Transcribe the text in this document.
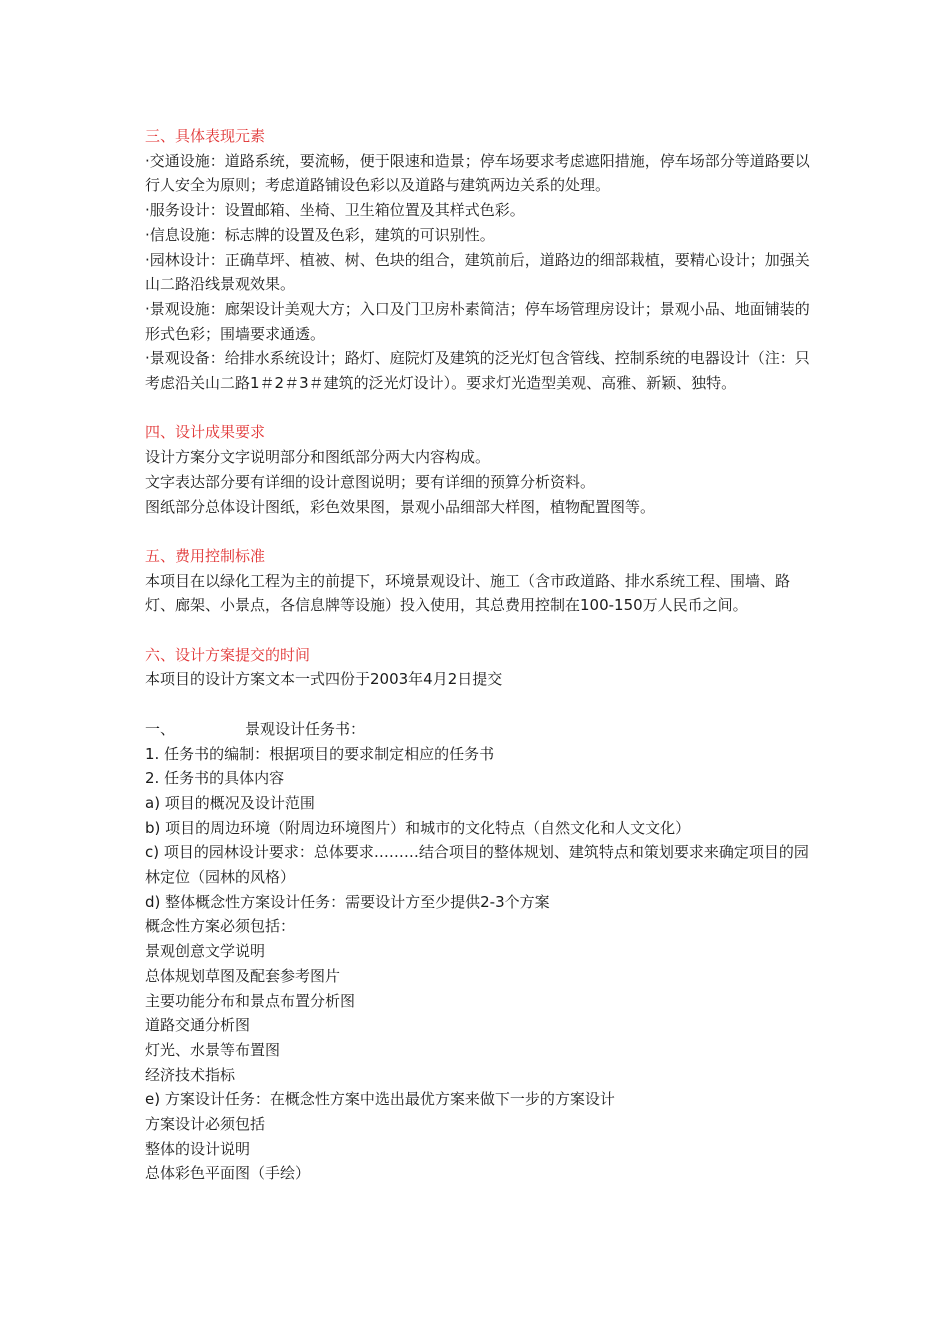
三、具体表现元素

·交通设施：道路系统，要流畅，便于限速和造景；停车场要求考虑遮阳措施，停车场部分等道路要以行人安全为原则；考虑道路铺设色彩以及道路与建筑两边关系的处理。

·服务设计：设置邮箱、坐椅、卫生箱位置及其样式色彩。

·信息设施：标志牌的设置及色彩，建筑的可识别性。

·园林设计：正确草坪、植被、树、色块的组合，建筑前后，道路边的细部栽植，要精心设计；加强关山二路沿线景观效果。

·景观设施：廊架设计美观大方；入口及门卫房朴素简洁；停车场管理房设计；景观小品、地面铺装的形式色彩；围墙要求通透。

·景观设备：给排水系统设计；路灯、庭院灯及建筑的泛光灯包含管线、控制系统的电器设计（注：只考虑沿关山二路1＃2＃3＃建筑的泛光灯设计）。要求灯光造型美观、高雅、新颖、独特。

四、设计成果要求

设计方案分文字说明部分和图纸部分两大内容构成。

文字表达部分要有详细的设计意图说明；要有详细的预算分析资料。

图纸部分总体设计图纸，彩色效果图，景观小品细部大样图，植物配置图等。

五、费用控制标准

本项目在以绿化工程为主的前提下，环境景观设计、施工（含市政道路、排水系统工程、围墙、路灯、廊架、小景点，各信息牌等设施）投入使用，其总费用控制在100-150万人民币之间。

六、设计方案提交的时间

本项目的设计方案文本一式四份于2003年4月2日提交

一、	景观设计任务书：

1. 任务书的编制：根据项目的要求制定相应的任务书

2. 任务书的具体内容

a) 项目的概况及设计范围

b) 项目的周边环境（附周边环境图片）和城市的文化特点（自然文化和人文文化）

c) 项目的园林设计要求：总体要求………结合项目的整体规划、建筑特点和策划要求来确定项目的园林定位（园林的风格）

d) 整体概念性方案设计任务：需要设计方至少提供2-3个方案

概念性方案必须包括：

景观创意文学说明

总体规划草图及配套参考图片

主要功能分布和景点布置分析图

道路交通分析图

灯光、水景等布置图

经济技术指标

e) 方案设计任务：在概念性方案中选出最优方案来做下一步的方案设计

方案设计必须包括

整体的设计说明

总体彩色平面图（手绘）
